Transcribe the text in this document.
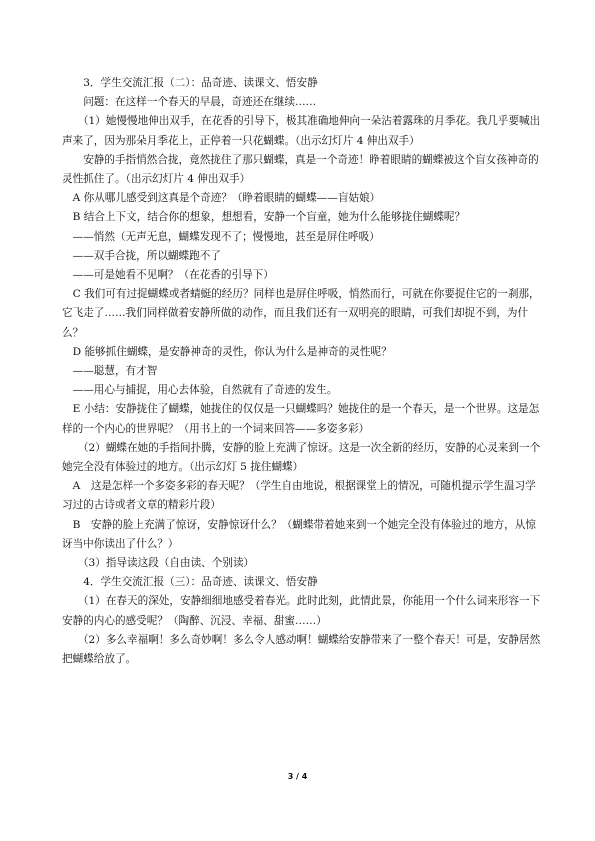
3．学生交流汇报（二）：品奇迹、读课文、悟安静

问题：在这样一个春天的早晨，奇迹还在继续……

（1）她慢慢地伸出双手，在花香的引导下，极其准确地伸向一朵沾着露珠的月季花。我几乎要喊出声来了，因为那朵月季花上，正停着一只花蝴蝶。（出示幻灯片 4 伸出双手）

安静的手指悄然合拢，竟然拢住了那只蝴蝶，真是一个奇迹！睁着眼睛的蝴蝶被这个盲女孩神奇的灵性抓住了。（出示幻灯片 4 伸出双手）

A 你从哪儿感受到这真是个奇迹？（睁着眼睛的蝴蝶——盲姑娘）

B 结合上下文，结合你的想象，想想看，安静一个盲童，她为什么能够拢住蝴蝶呢？

——悄然（无声无息，蝴蝶发现不了；慢慢地，甚至是屏住呼吸）

——双手合拢，所以蝴蝶跑不了

——可是她看不见啊？（在花香的引导下）

C 我们可有过捉蝴蝶或者蜻蜓的经历？同样也是屏住呼吸，悄然而行，可就在你要捉住它的一刹那，它飞走了……我们同样做着安静所做的动作，而且我们还有一双明亮的眼睛，可我们却捉不到，为什么？

D 能够抓住蝴蝶，是安静神奇的灵性，你认为什么是神奇的灵性呢？

——聪慧，有才智

——用心与捕捉，用心去体验，自然就有了奇迹的发生。

E 小结：安静拢住了蝴蝶，她拢住的仅仅是一只蝴蝶吗？她拢住的是一个春天，是一个世界。这是怎样的一个内心的世界呢？（用书上的一个词来回答——多姿多彩）

（2）蝴蝶在她的手指间扑腾，安静的脸上充满了惊讶。这是一次全新的经历，安静的心灵来到一个她完全没有体验过的地方。（出示幻灯 5 拢住蝴蝶）

A　这是怎样一个多姿多彩的春天呢？（学生自由地说，根据课堂上的情况，可随机提示学生温习学习过的古诗或者文章的精彩片段）

B　安静的脸上充满了惊讶，安静惊讶什么？（蝴蝶带着她来到一个她完全没有体验过的地方，从惊讶当中你读出了什么？）

（3）指导读这段（自由读、个别读）

4．学生交流汇报（三）：品奇迹、读课文、悟安静

（1）在春天的深处，安静细细地感受着春光。此时此刻，此情此景，你能用一个什么词来形容一下安静的内心的感受呢？（陶醉、沉浸、幸福、甜蜜……）

（2）多么幸福啊！多么奇妙啊！多么令人感动啊！蝴蝶给安静带来了一整个春天！可是，安静居然把蝴蝶给放了。

3 / 4
